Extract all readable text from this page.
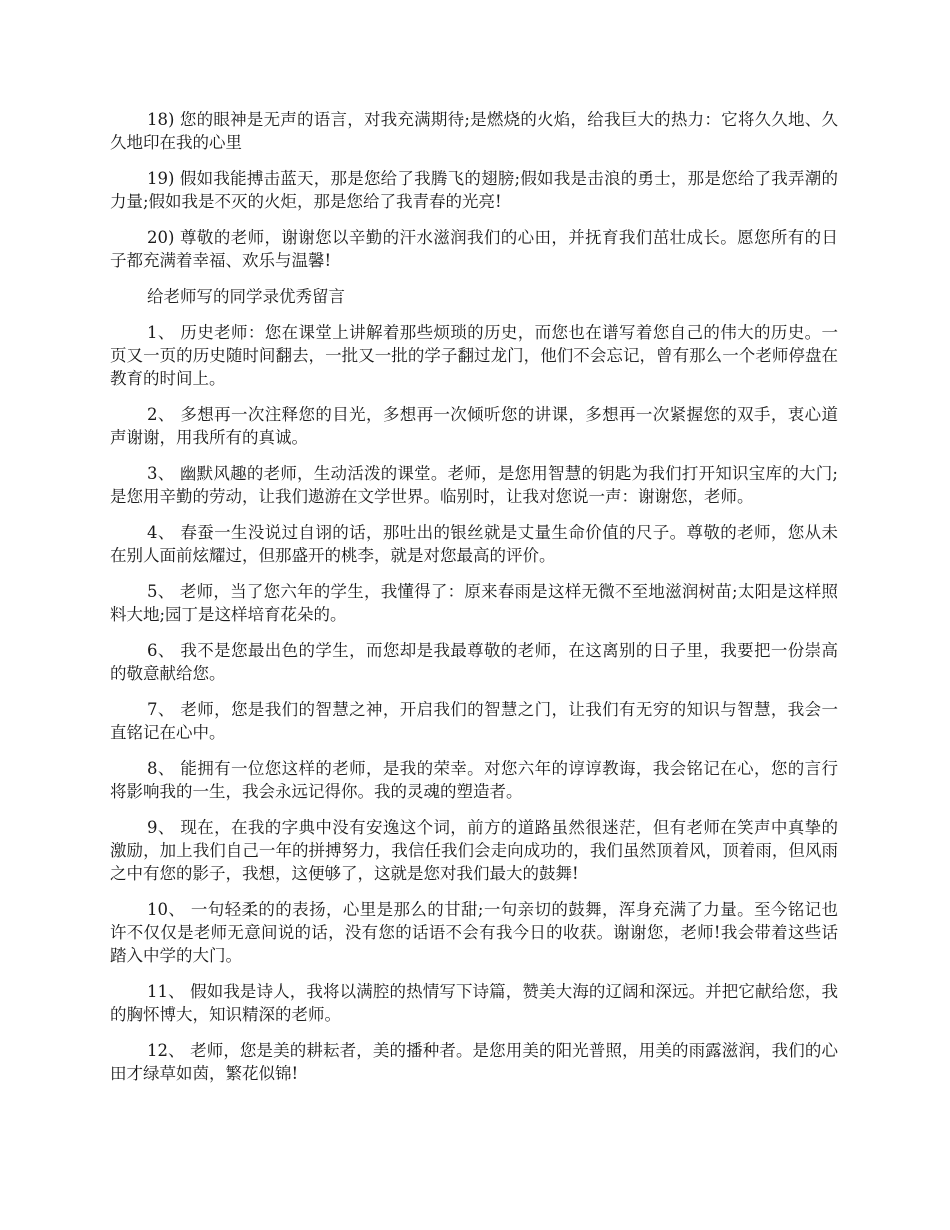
18) 您的眼神是无声的语言，对我充满期待;是燃烧的火焰，给我巨大的热力：它将久久地、久久地印在我的心里

19) 假如我能搏击蓝天，那是您给了我腾飞的翅膀;假如我是击浪的勇士，那是您给了我弄潮的力量;假如我是不灭的火炬，那是您给了我青春的光亮!

20) 尊敬的老师，谢谢您以辛勤的汗水滋润我们的心田，并抚育我们茁壮成长。愿您所有的日子都充满着幸福、欢乐与温馨!

给老师写的同学录优秀留言

1、 历史老师：您在课堂上讲解着那些烦琐的历史，而您也在谱写着您自己的伟大的历史。一页又一页的历史随时间翻去，一批又一批的学子翻过龙门，他们不会忘记，曾有那么一个老师停盘在教育的时间上。

2、 多想再一次注释您的目光，多想再一次倾听您的讲课，多想再一次紧握您的双手，衷心道声谢谢，用我所有的真诚。

3、 幽默风趣的老师，生动活泼的课堂。老师，是您用智慧的钥匙为我们打开知识宝库的大门;是您用辛勤的劳动，让我们遨游在文学世界。临别时，让我对您说一声：谢谢您，老师。

4、 春蚕一生没说过自诩的话，那吐出的银丝就是丈量生命价值的尺子。尊敬的老师，您从未在别人面前炫耀过，但那盛开的桃李，就是对您最高的评价。

5、 老师，当了您六年的学生，我懂得了：原来春雨是这样无微不至地滋润树苗;太阳是这样照料大地;园丁是这样培育花朵的。

6、 我不是您最出色的学生，而您却是我最尊敬的老师，在这离别的日子里，我要把一份崇高的敬意献给您。

7、 老师，您是我们的智慧之神，开启我们的智慧之门，让我们有无穷的知识与智慧，我会一直铭记在心中。

8、 能拥有一位您这样的老师，是我的荣幸。对您六年的谆谆教诲，我会铭记在心，您的言行将影响我的一生，我会永远记得你。我的灵魂的塑造者。

9、 现在，在我的字典中没有安逸这个词，前方的道路虽然很迷茫，但有老师在笑声中真挚的激励，加上我们自己一年的拼搏努力，我信任我们会走向成功的，我们虽然顶着风，顶着雨，但风雨之中有您的影子，我想，这便够了，这就是您对我们最大的鼓舞!

10、 一句轻柔的的表扬，心里是那么的甘甜;一句亲切的鼓舞，浑身充满了力量。至今铭记也许不仅仅是老师无意间说的话，没有您的话语不会有我今日的收获。谢谢您，老师!我会带着这些话踏入中学的大门。

11、 假如我是诗人，我将以满腔的热情写下诗篇，赞美大海的辽阔和深远。并把它献给您，我的胸怀博大，知识精深的老师。

12、 老师，您是美的耕耘者，美的播种者。是您用美的阳光普照，用美的雨露滋润，我们的心田才绿草如茵，繁花似锦!
